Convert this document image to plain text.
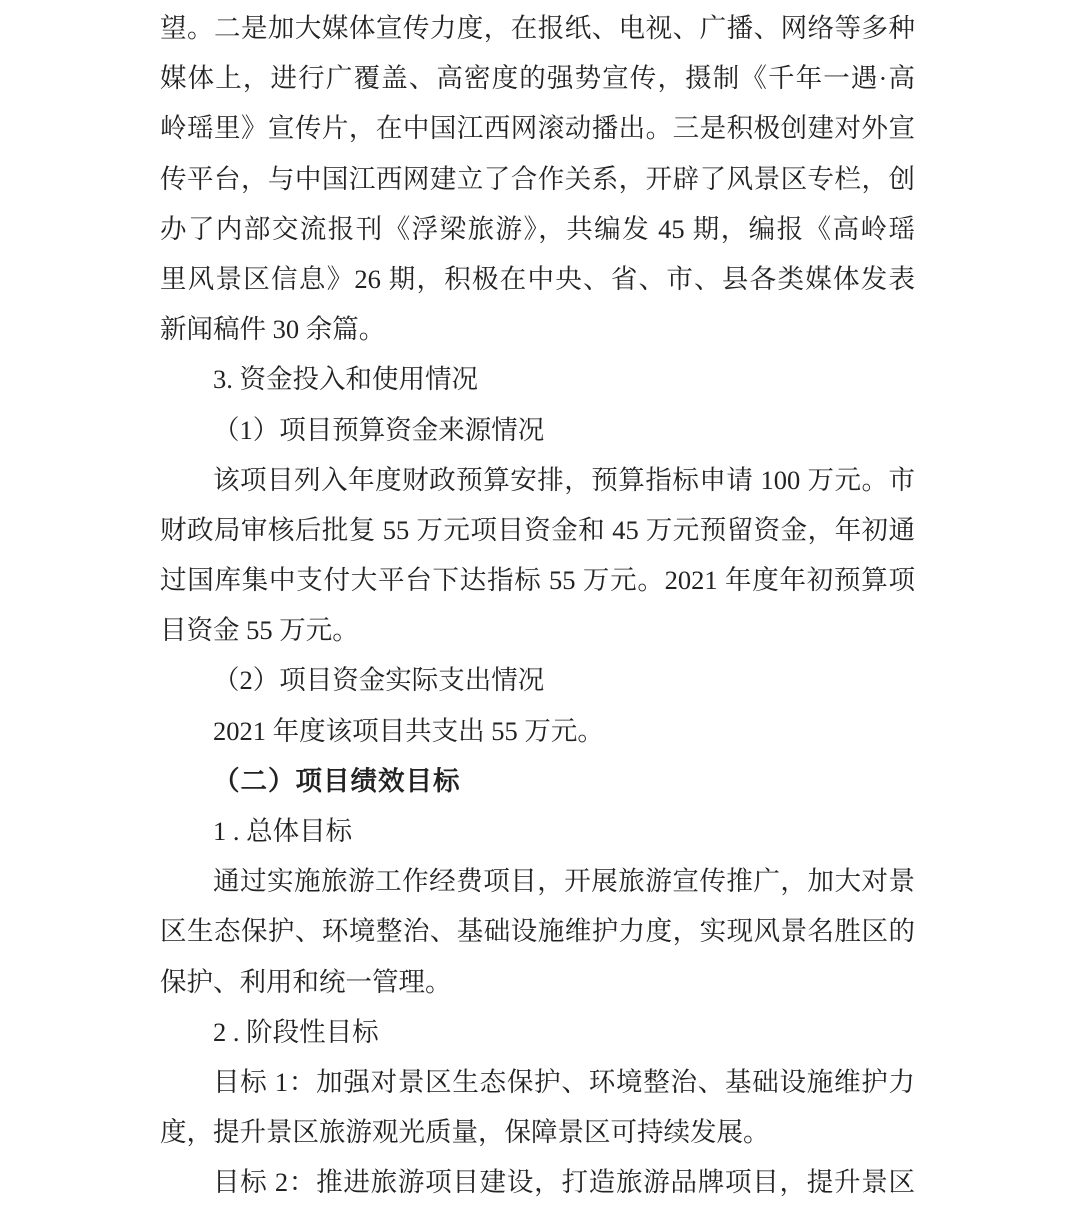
望。二是加大媒体宣传力度，在报纸、电视、广播、网络等多种
媒体上，进行广覆盖、高密度的强势宣传，摄制《千年一遇·高
岭瑶里》宣传片，在中国江西网滚动播出。三是积极创建对外宣
传平台，与中国江西网建立了合作关系，开辟了风景区专栏，创
办了内部交流报刊《浮梁旅游》，共编发 45 期，编报《高岭瑶
里风景区信息》26 期，积极在中央、省、市、县各类媒体发表
新闻稿件 30 余篇。
3. 资金投入和使用情况
（1）项目预算资金来源情况
该项目列入年度财政预算安排，预算指标申请 100 万元。市
财政局审核后批复 55 万元项目资金和 45 万元预留资金，年初通
过国库集中支付大平台下达指标 55 万元。2021 年度年初预算项
目资金 55 万元。
（2）项目资金实际支出情况
2021 年度该项目共支出 55 万元。
（二）项目绩效目标
1 . 总体目标
通过实施旅游工作经费项目，开展旅游宣传推广，加大对景
区生态保护、环境整治、基础设施维护力度，实现风景名胜区的
保护、利用和统一管理。
2 . 阶段性目标
目标 1：加强对景区生态保护、环境整治、基础设施维护力
度，提升景区旅游观光质量，保障景区可持续发展。
目标 2：推进旅游项目建设，打造旅游品牌项目，提升景区
